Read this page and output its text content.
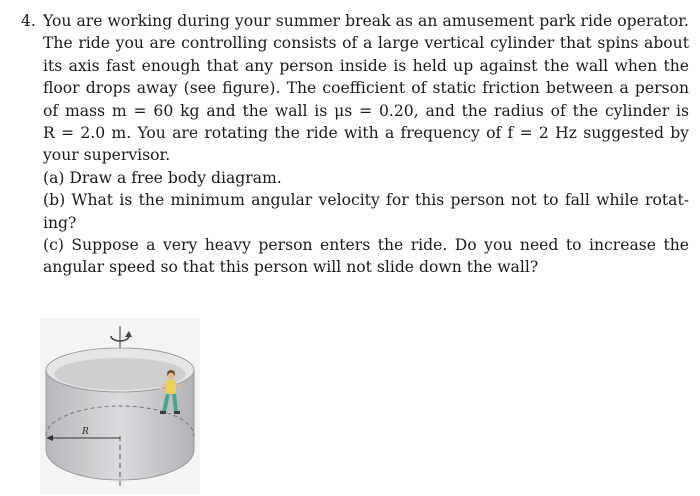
4. You are working during your summer break as an amusement park ride operator.
The ride you are controlling consists of a large vertical cylinder that spins about
its axis fast enough that any person inside is held up against the wall when the
floor drops away (see figure). The coefficient of static friction between a person
of mass m = 60 kg and the wall is μs = 0.20, and the radius of the cylinder is
R = 2.0 m. You are rotating the ride with a frequency of f = 2 Hz suggested by
your supervisor.
(a) Draw a free body diagram.
(b) What is the minimum angular velocity for this person not to fall while rotat-
ing?
(c) Suppose a very heavy person enters the ride. Do you need to increase the
angular speed so that this person will not slide down the wall?
R
